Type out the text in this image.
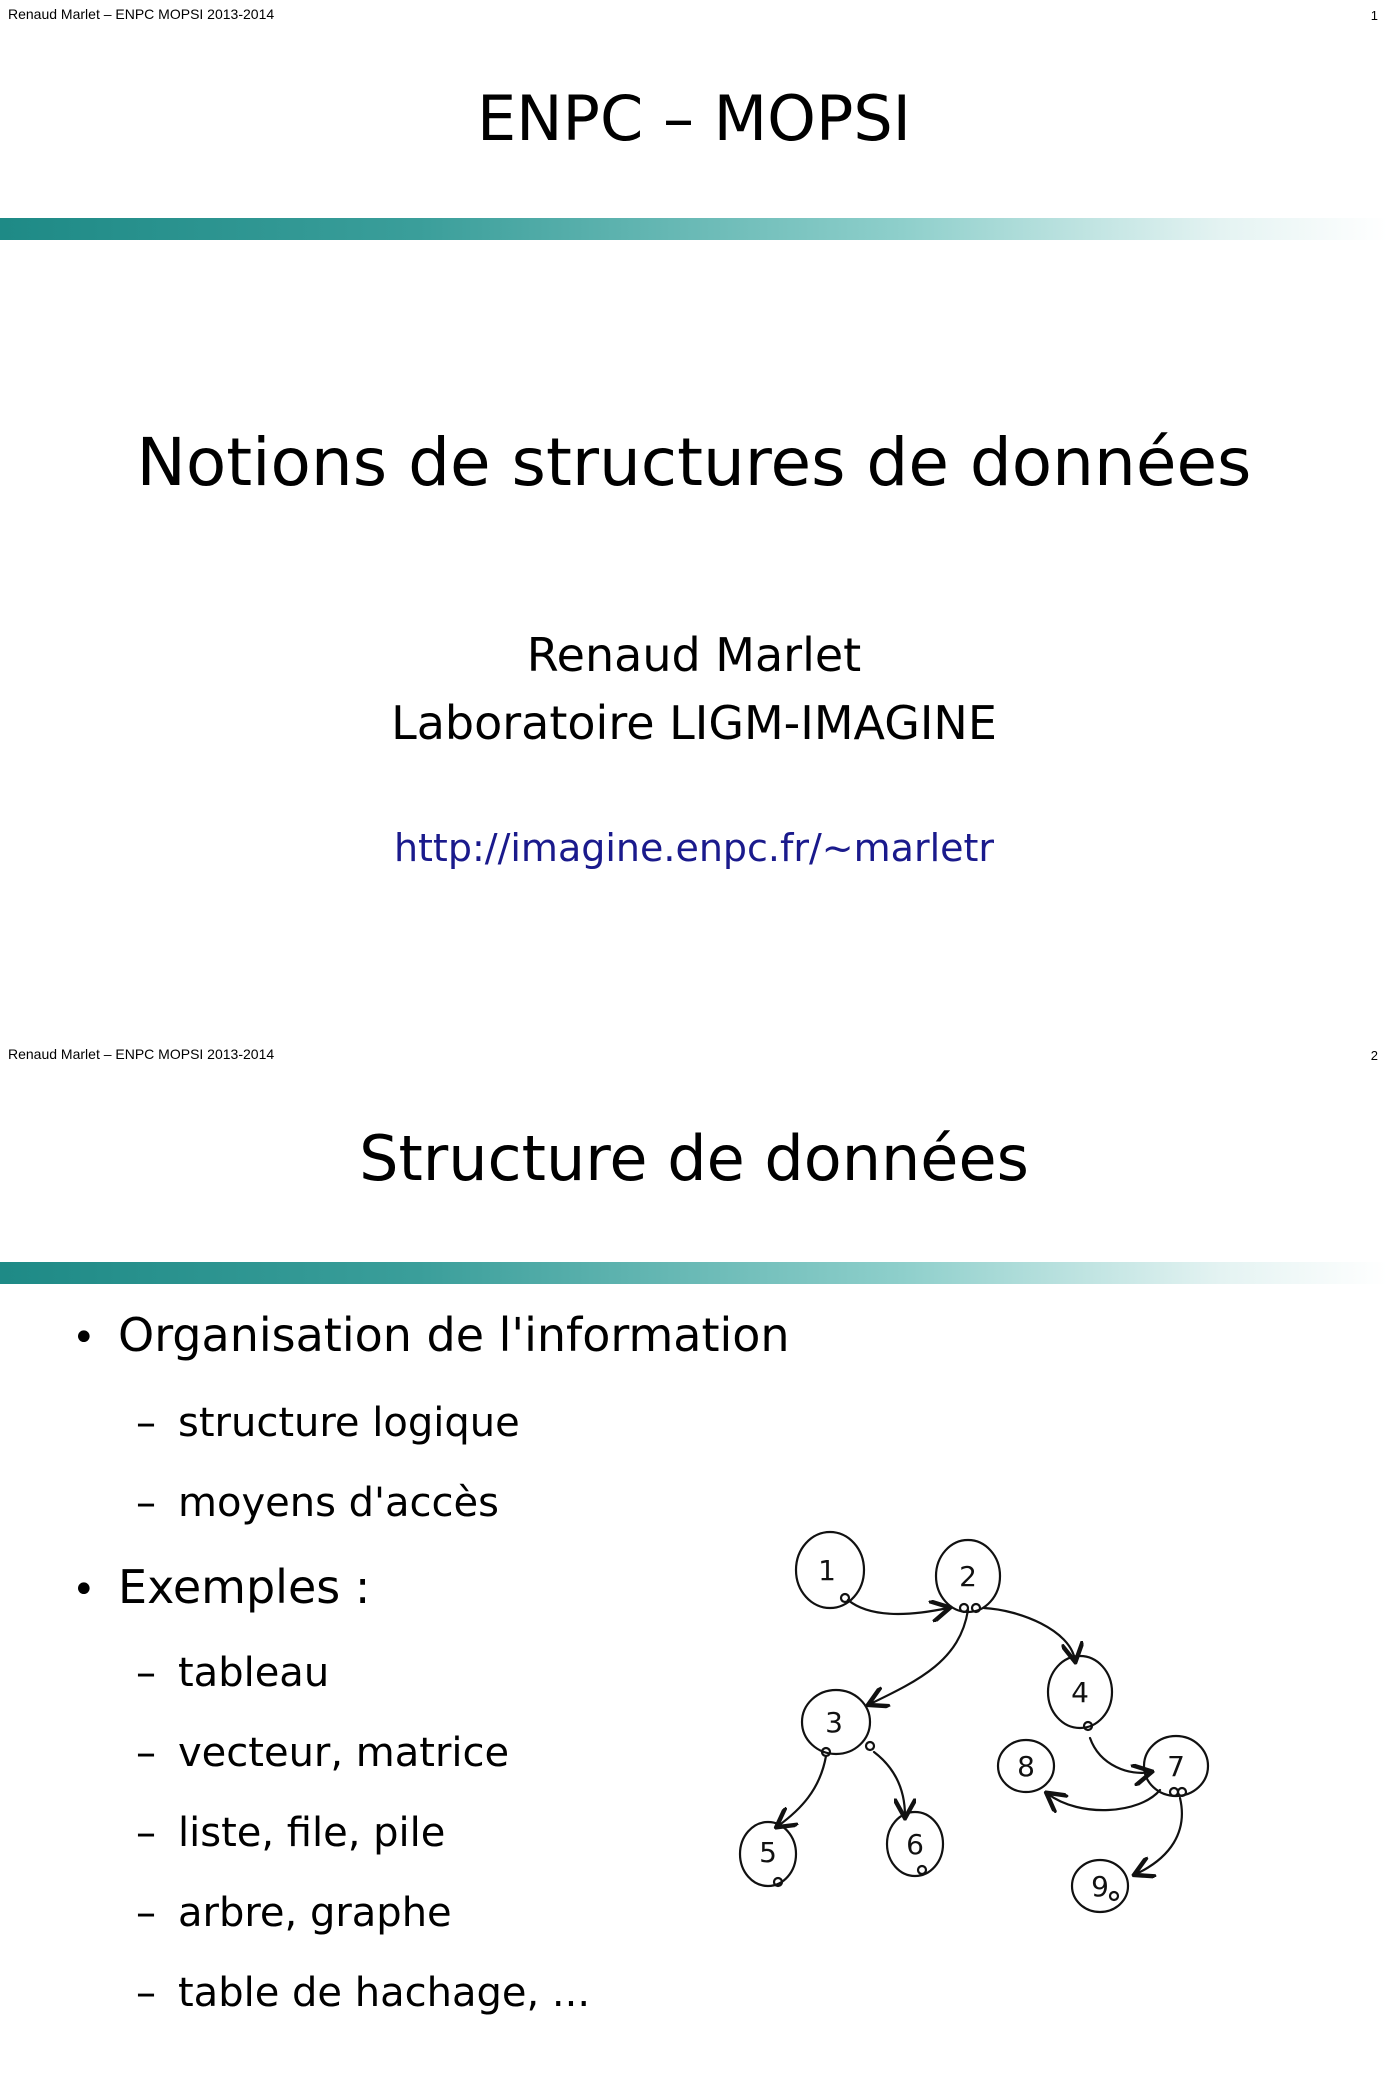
Renaud Marlet – ENPC MOPSI 2013-2014	1
ENPC – MOPSI
Notions de structures de données
Renaud Marlet
Laboratoire LIGM-IMAGINE
http://imagine.enpc.fr/~marletr
Renaud Marlet – ENPC MOPSI 2013-2014	2
Structure de données
• Organisation de l'information
– structure logique
– moyens d'accès
• Exemples :
– tableau
– vecteur, matrice
– liste, file, pile
– arbre, graphe
– table de hachage, ...
1	2
3
4
5	6
7
8
9
